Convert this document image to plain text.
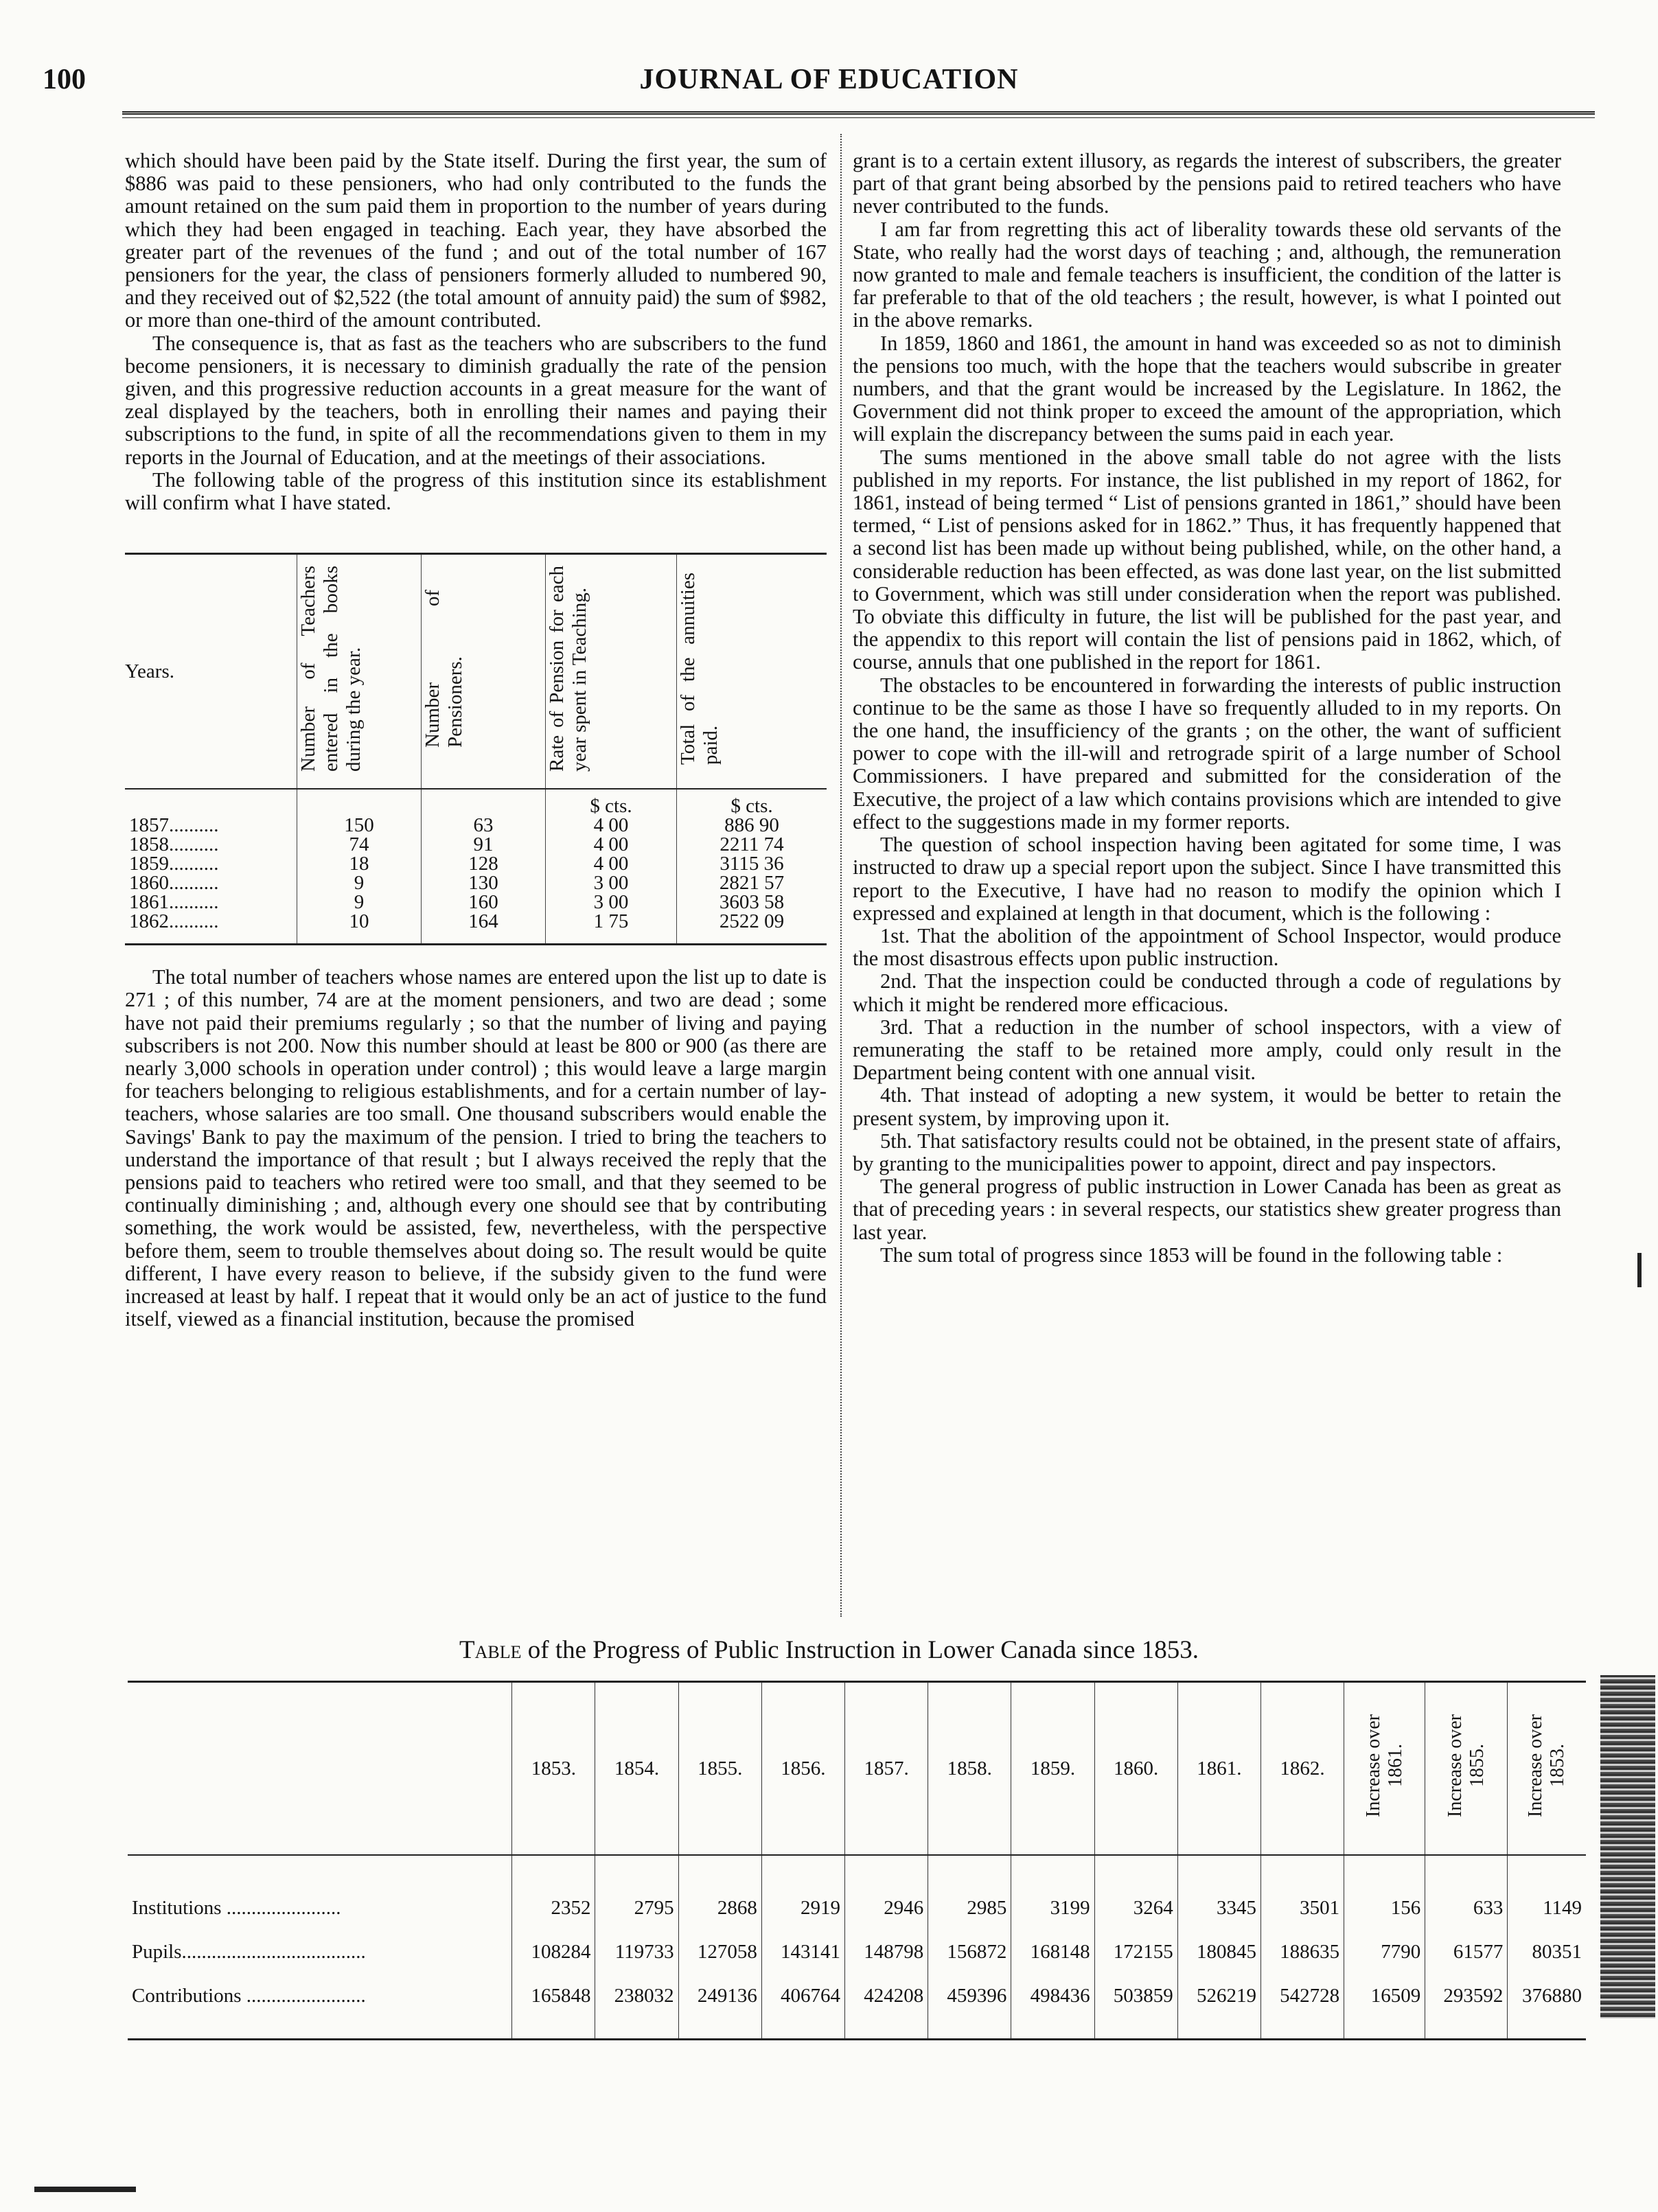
100	JOURNAL OF EDUCATION

which should have been paid by the State itself. During the first year, the sum of $886 was paid to these pensioners, who had only contributed to the funds the amount retained on the sum paid them in proportion to the number of years during which they had been engaged in teaching. Each year, they have absorbed the greater part of the revenues of the fund ; and out of the total number of 167 pensioners for the year, the class of pensioners formerly alluded to numbered 90, and they received out of $2,522 (the total amount of annuity paid) the sum of $982, or more than one-third of the amount contributed.

The consequence is, that as fast as the teachers who are subscribers to the fund become pensioners, it is necessary to diminish gradually the rate of the pension given, and this progressive reduction accounts in a great measure for the want of zeal displayed by the teachers, both in enrolling their names and paying their subscriptions to the fund, in spite of all the recommendations given to them in my reports in the Journal of Education, and at the meetings of their associations.

The following table of the progress of this institution since its establishment will confirm what I have stated.

Years.	Number of Teachers entered in the books during the year.	Number of Pensioners.	Rate of Pension for each year spent in Teaching.	Total of the annuities paid.
			$ cts.	$ cts.
1857..........	150	63	4 00	886 90
1858..........	74	91	4 00	2211 74
1859..........	18	128	4 00	3115 36
1860..........	9	130	3 00	2821 57
1861..........	9	160	3 00	3603 58
1862..........	10	164	1 75	2522 09

The total number of teachers whose names are entered upon the list up to date is 271 ; of this number, 74 are at the moment pensioners, and two are dead ; some have not paid their premiums regularly ; so that the number of living and paying subscribers is not 200. Now this number should at least be 800 or 900 (as there are nearly 3,000 schools in operation under control) ; this would leave a large margin for teachers belonging to religious establishments, and for a certain number of lay-teachers, whose salaries are too small. One thousand subscribers would enable the Savings' Bank to pay the maximum of the pension. I tried to bring the teachers to understand the importance of that result ; but I always received the reply that the pensions paid to teachers who retired were too small, and that they seemed to be continually diminishing ; and, although every one should see that by contributing something, the work would be assisted, few, nevertheless, with the perspective before them, seem to trouble themselves about doing so. The result would be quite different, I have every reason to believe, if the subsidy given to the fund were increased at least by half. I repeat that it would only be an act of justice to the fund itself, viewed as a financial institution, because the promised

grant is to a certain extent illusory, as regards the interest of subscribers, the greater part of that grant being absorbed by the pensions paid to retired teachers who have never contributed to the funds.

I am far from regretting this act of liberality towards these old servants of the State, who really had the worst days of teaching ; and, although, the remuneration now granted to male and female teachers is insufficient, the condition of the latter is far preferable to that of the old teachers ; the result, however, is what I pointed out in the above remarks.

In 1859, 1860 and 1861, the amount in hand was exceeded so as not to diminish the pensions too much, with the hope that the teachers would subscribe in greater numbers, and that the grant would be increased by the Legislature. In 1862, the Government did not think proper to exceed the amount of the appropriation, which will explain the discrepancy between the sums paid in each year.

The sums mentioned in the above small table do not agree with the lists published in my reports. For instance, the list published in my report of 1862, for 1861, instead of being termed “ List of pensions granted in 1861,” should have been termed, “ List of pensions asked for in 1862.” Thus, it has frequently happened that a second list has been made up without being published, while, on the other hand, a considerable reduction has been effected, as was done last year, on the list submitted to Government, which was still under consideration when the report was published. To obviate this difficulty in future, the list will be published for the past year, and the appendix to this report will contain the list of pensions paid in 1862, which, of course, annuls that one published in the report for 1861.

The obstacles to be encountered in forwarding the interests of public instruction continue to be the same as those I have so frequently alluded to in my reports. On the one hand, the insufficiency of the grants ; on the other, the want of sufficient power to cope with the ill-will and retrograde spirit of a large number of School Commissioners. I have prepared and submitted for the consideration of the Executive, the project of a law which contains provisions which are intended to give effect to the suggestions made in my former reports.

The question of school inspection having been agitated for some time, I was instructed to draw up a special report upon the subject. Since I have transmitted this report to the Executive, I have had no reason to modify the opinion which I expressed and explained at length in that document, which is the following :

1st. That the abolition of the appointment of School Inspector, would produce the most disastrous effects upon public instruction.

2nd. That the inspection could be conducted through a code of regulations by which it might be rendered more efficacious.

3rd. That a reduction in the number of school inspectors, with a view of remunerating the staff to be retained more amply, could only result in the Department being content with one annual visit.

4th. That instead of adopting a new system, it would be better to retain the present system, by improving upon it.

5th. That satisfactory results could not be obtained, in the present state of affairs, by granting to the municipalities power to appoint, direct and pay inspectors.

The general progress of public instruction in Lower Canada has been as great as that of preceding years : in several respects, our statistics shew greater progress than last year.

The sum total of progress since 1853 will be found in the following table :

Table of the Progress of Public Instruction in Lower Canada since 1853.
	1853.	1854.	1855.	1856.	1857.	1858.	1859.	1860.	1861.	1862.	Increase over 1861.	Increase over 1855.	Increase over 1853.
Institutions .......................	2352	2795	2868	2919	2946	2985	3199	3264	3345	3501	156	633	1149
Pupils.....................................	108284	119733	127058	143141	148798	156872	168148	172155	180845	188635	7790	61577	80351
Contributions ........................	165848	238032	249136	406764	424208	459396	498436	503859	526219	542728	16509	293592	376880
